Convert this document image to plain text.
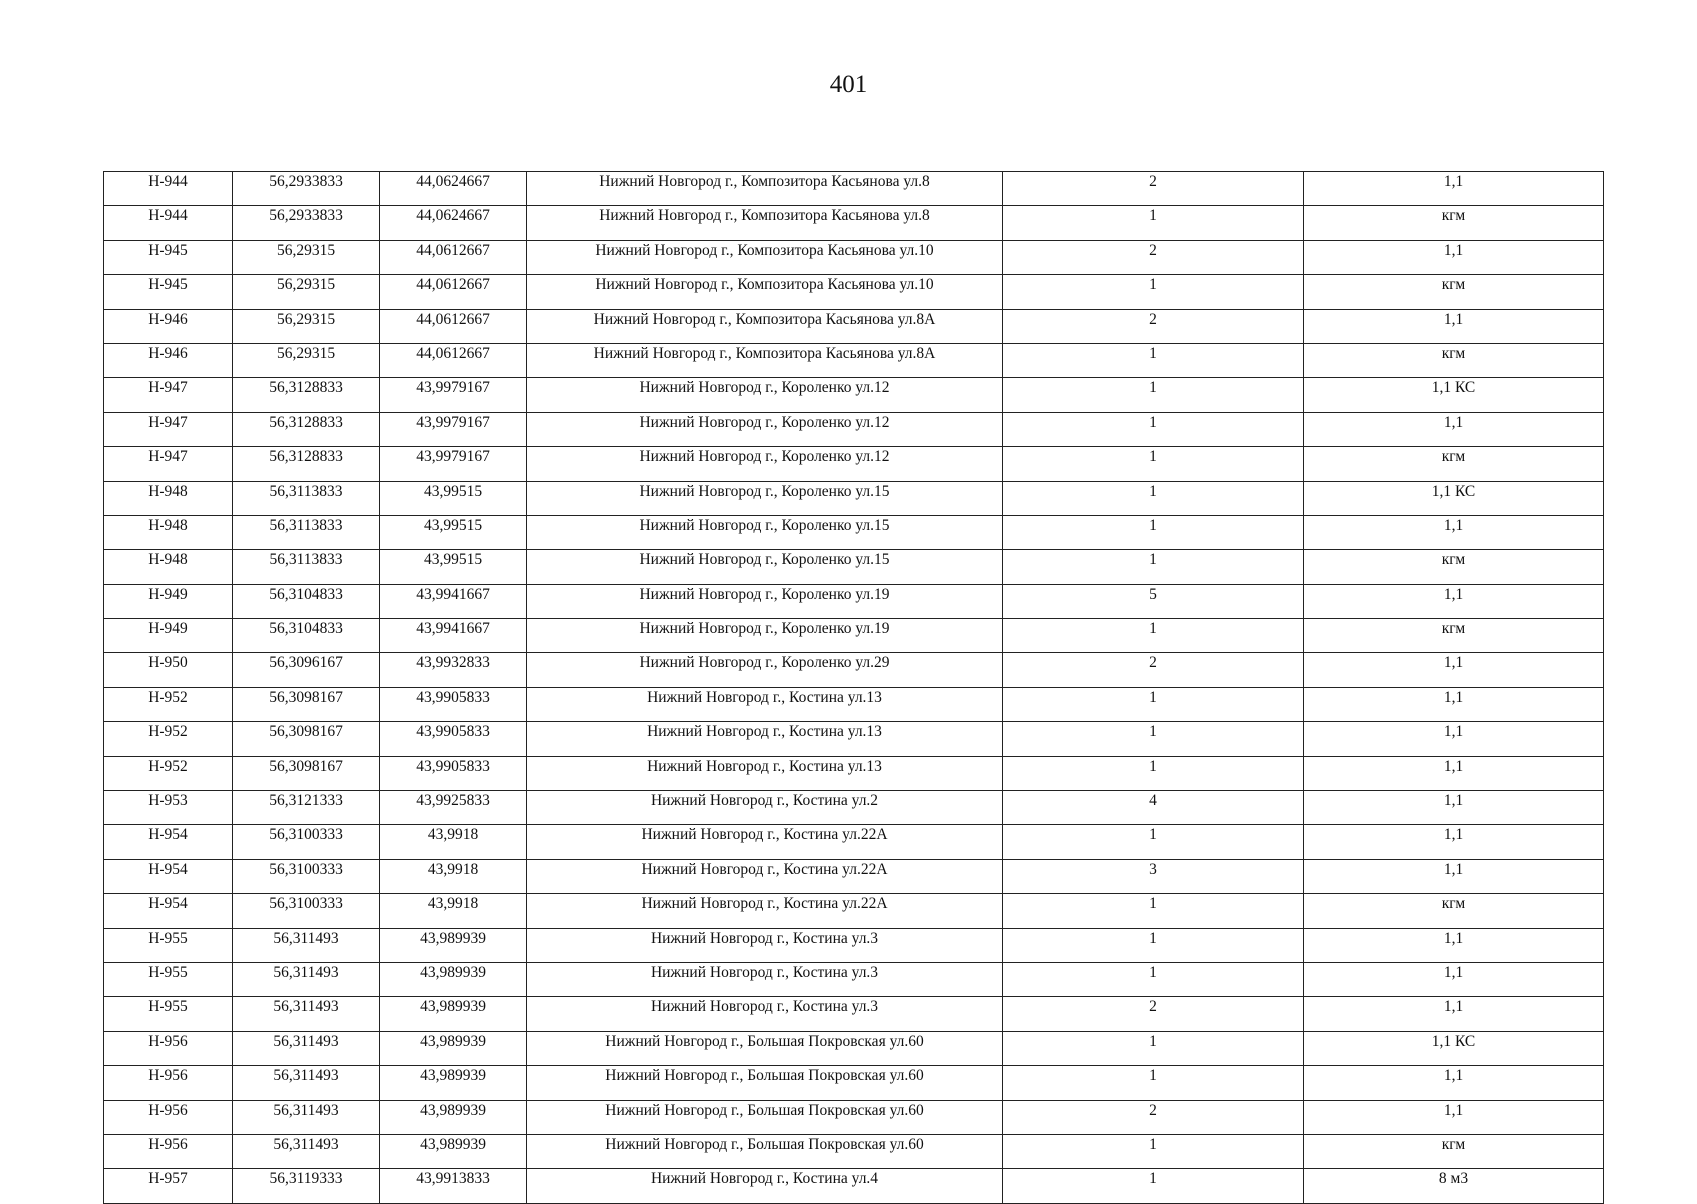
401
Н-944	56,2933833	44,0624667	Нижний Новгород г., Композитора Касьянова ул.8	2	1,1
Н-944	56,2933833	44,0624667	Нижний Новгород г., Композитора Касьянова ул.8	1	кгм
Н-945	56,29315	44,0612667	Нижний Новгород г., Композитора Касьянова ул.10	2	1,1
Н-945	56,29315	44,0612667	Нижний Новгород г., Композитора Касьянова ул.10	1	кгм
Н-946	56,29315	44,0612667	Нижний Новгород г., Композитора Касьянова ул.8А	2	1,1
Н-946	56,29315	44,0612667	Нижний Новгород г., Композитора Касьянова ул.8А	1	кгм
Н-947	56,3128833	43,9979167	Нижний Новгород г., Короленко ул.12	1	1,1 КС
Н-947	56,3128833	43,9979167	Нижний Новгород г., Короленко ул.12	1	1,1
Н-947	56,3128833	43,9979167	Нижний Новгород г., Короленко ул.12	1	кгм
Н-948	56,3113833	43,99515	Нижний Новгород г., Короленко ул.15	1	1,1 КС
Н-948	56,3113833	43,99515	Нижний Новгород г., Короленко ул.15	1	1,1
Н-948	56,3113833	43,99515	Нижний Новгород г., Короленко ул.15	1	кгм
Н-949	56,3104833	43,9941667	Нижний Новгород г., Короленко ул.19	5	1,1
Н-949	56,3104833	43,9941667	Нижний Новгород г., Короленко ул.19	1	кгм
Н-950	56,3096167	43,9932833	Нижний Новгород г., Короленко ул.29	2	1,1
Н-952	56,3098167	43,9905833	Нижний Новгород г., Костина ул.13	1	1,1
Н-952	56,3098167	43,9905833	Нижний Новгород г., Костина ул.13	1	1,1
Н-952	56,3098167	43,9905833	Нижний Новгород г., Костина ул.13	1	1,1
Н-953	56,3121333	43,9925833	Нижний Новгород г., Костина ул.2	4	1,1
Н-954	56,3100333	43,9918	Нижний Новгород г., Костина ул.22А	1	1,1
Н-954	56,3100333	43,9918	Нижний Новгород г., Костина ул.22А	3	1,1
Н-954	56,3100333	43,9918	Нижний Новгород г., Костина ул.22А	1	кгм
Н-955	56,311493	43,989939	Нижний Новгород г., Костина ул.3	1	1,1
Н-955	56,311493	43,989939	Нижний Новгород г., Костина ул.3	1	1,1
Н-955	56,311493	43,989939	Нижний Новгород г., Костина ул.3	2	1,1
Н-956	56,311493	43,989939	Нижний Новгород г., Большая Покровская ул.60	1	1,1 КС
Н-956	56,311493	43,989939	Нижний Новгород г., Большая Покровская ул.60	1	1,1
Н-956	56,311493	43,989939	Нижний Новгород г., Большая Покровская ул.60	2	1,1
Н-956	56,311493	43,989939	Нижний Новгород г., Большая Покровская ул.60	1	кгм
Н-957	56,3119333	43,9913833	Нижний Новгород г., Костина ул.4	1	8 м3
